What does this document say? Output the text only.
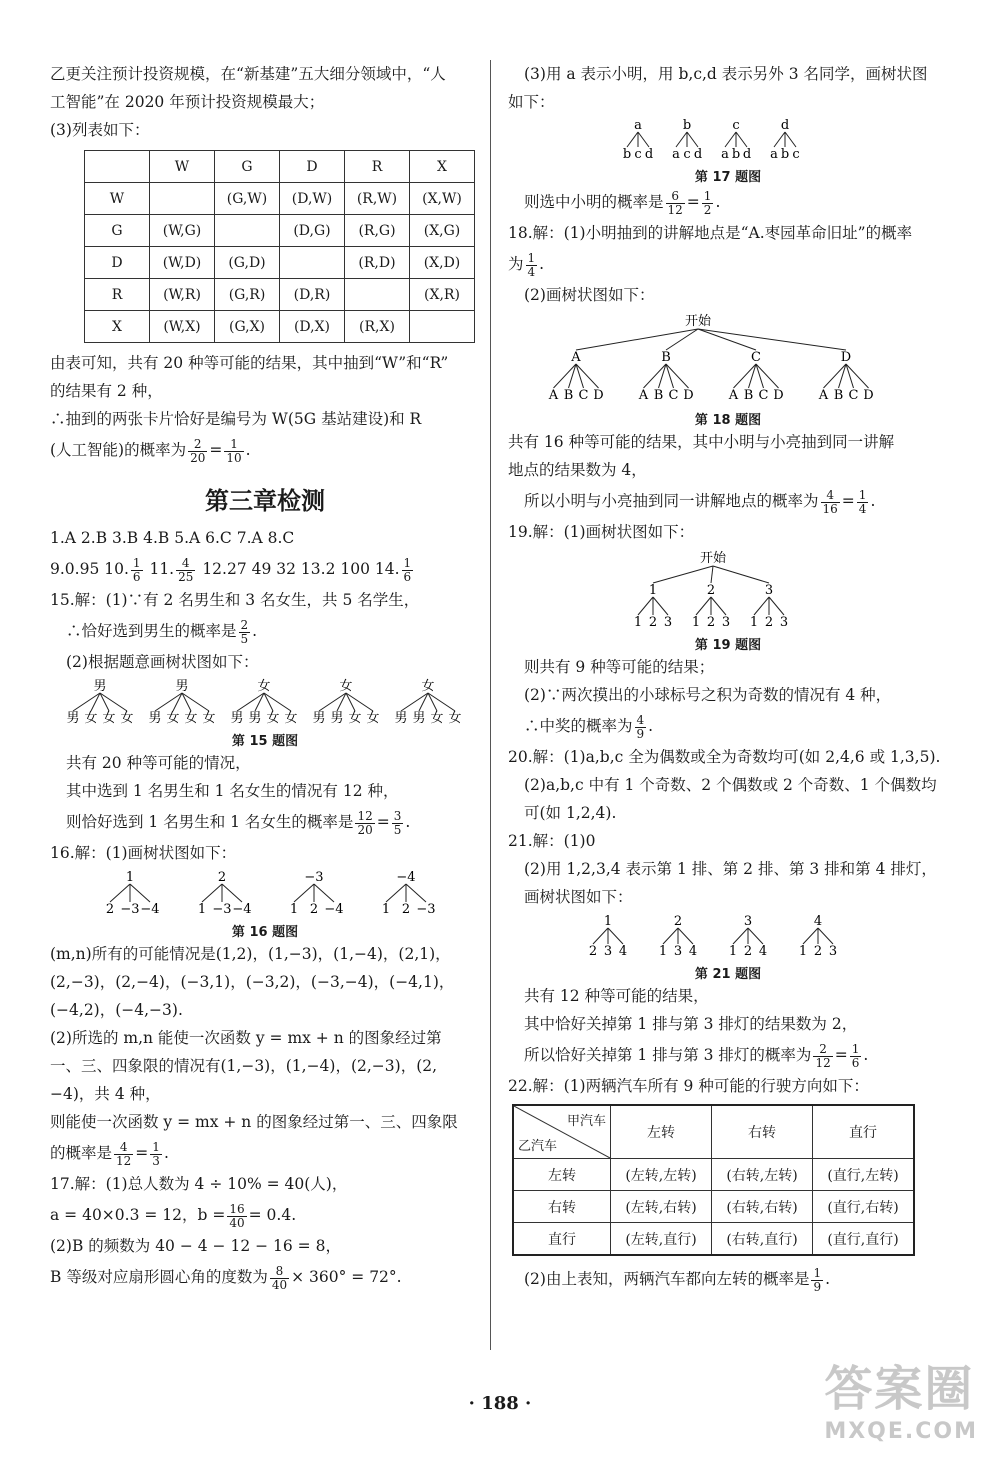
乙更关注预计投资规模，在“新基建”五大细分领域中，“人
工智能”在 2020 年预计投资规模最大；
(3)列表如下：
	W	G	D	R	X
W		(G,W)	(D,W)	(R,W)	(X,W)
G	(W,G)		(D,G)	(R,G)	(X,G)
D	(W,D)	(G,D)		(R,D)	(X,D)
R	(W,R)	(G,R)	(D,R)		(X,R)
X	(W,X)	(G,X)	(D,X)	(R,X)	
由表可知，共有 20 种等可能的结果，其中抽到“W”和“R”
的结果有 2 种，
∴抽到的两张卡片恰好是编号为 W(5G 基站建设)和 R
(人工智能)的概率为 $\frac{2}{20} = \frac{1}{10}$ .
第三章检测
1.A 2.B 3.B 4.B 5.A 6.C 7.A 8.C
9.0.95 10. $\frac{1}{6} 11$. $\frac{4}{25} 12.27$ 49 32 13.2 100 14. $\frac{1}{6}$
15.解：(1)∵有 2 名男生和 3 名女生，共 5 名学生，
∴恰好选到男生的概率是 $\frac{2}{5}$ .
(2)根据题意画树状图如下：
男
男 女 女 女
男
男 女 女 女
女
男 男 女 女
女
男 男 女 女
女
男 男 女 女
第 15 题图
共有 20 种等可能的情况，
其中选到 1 名男生和 1 名女生的情况有 12 种，
则恰好选到 1 名男生和 1 名女生的概率是 $\frac{12}{20} = \frac{3}{5}$ .
16.解：(1)画树状图如下：
1
2 −3 −4
2
1 −3 −4
−3
1 2 −4
−4
1 2 −3
第 16 题图
(m,n)所有的可能情况是(1,2)，(1,−3)，(1,−4)，(2,1)，
(2,−3)，(2,−4)，(−3,1)，(−3,2)，(−3,−4)，(−4,1)，
(−4,2)，(−4,−3).
(2)所选的 m,n 能使一次函数 y = mx + n 的图象经过第
一、三、四象限的情况有(1,−3)，(1,−4)，(2,−3)，(2,
−4)，共 4 种，
则能使一次函数 y = mx + n 的图象经过第一、三、四象限
的概率是 $\frac{4}{12} = \frac{1}{3}$ .
17.解：(1)总人数为 4 ÷ 10% = 40(人)，
a = 40×0.3 = 12，$b = \frac{16}{40} = 0.4$.
(2)B 的频数为 40 − 4 − 12 − 16 = 8，
B 等级对应扇形圆心角的度数为 $\frac{8}{40} \times 360^\circ = 72^\circ$.
(3)用 a 表示小明，用 b,c,d 表示另外 3 名同学，画树状图
如下：
a
b c d
b
a c d
c
a b d
d
a b c
第 17 题图
则选中小明的概率是 $\frac{6}{12} = \frac{1}{2}$ .
18.解：(1)小明抽到的讲解地点是“A.枣园革命旧址”的概率
为 $\frac{1}{4}$ .
(2)画树状图如下：
开始
A
A B C D
B
A B C D
C
A B C D
D
A B C D
第 18 题图
共有 16 种等可能的结果，其中小明与小亮抽到同一讲解
地点的结果数为 4，
所以小明与小亮抽到同一讲解地点的概率为 $\frac{4}{16} = \frac{1}{4}$ .
19.解：(1)画树状图如下：
开始
1
1 2 3
2
1 2 3
3
1 2 3
第 19 题图
则共有 9 种等可能的结果；
(2)∵两次摸出的小球标号之积为奇数的情况有 4 种，
∴中奖的概率为 $\frac{4}{9}$ .
20.解：(1)a,b,c 全为偶数或全为奇数均可(如 2,4,6 或 1,3,5).
(2)a,b,c 中有 1 个奇数、2 个偶数或 2 个奇数、1 个偶数均
可(如 1,2,4).
21.解：(1)0
(2)用 1,2,3,4 表示第 1 排、第 2 排、第 3 排和第 4 排灯，
画树状图如下：
1
2 3 4
2
1 3 4
3
1 2 4
4
1 2 3
第 21 题图
共有 12 种等可能的结果，
其中恰好关掉第 1 排与第 3 排灯的结果数为 2，
所以恰好关掉第 1 排与第 3 排灯的概率为 $\frac{2}{12} = \frac{1}{6}$ .
22.解：(1)两辆汽车所有 9 种可能的行驶方向如下：
甲汽车
乙汽车	左转	右转	直行
左转	(左转,左转)	(右转,左转)	(直行,左转)
右转	(左转,右转)	(右转,右转)	(直行,右转)
直行	(左转,直行)	(右转,直行)	(直行,直行)
(2)由上表知，两辆汽车都向左转的概率是 $\frac{1}{9}$ .
· 188 ·	答案圈
MXQE.COM
